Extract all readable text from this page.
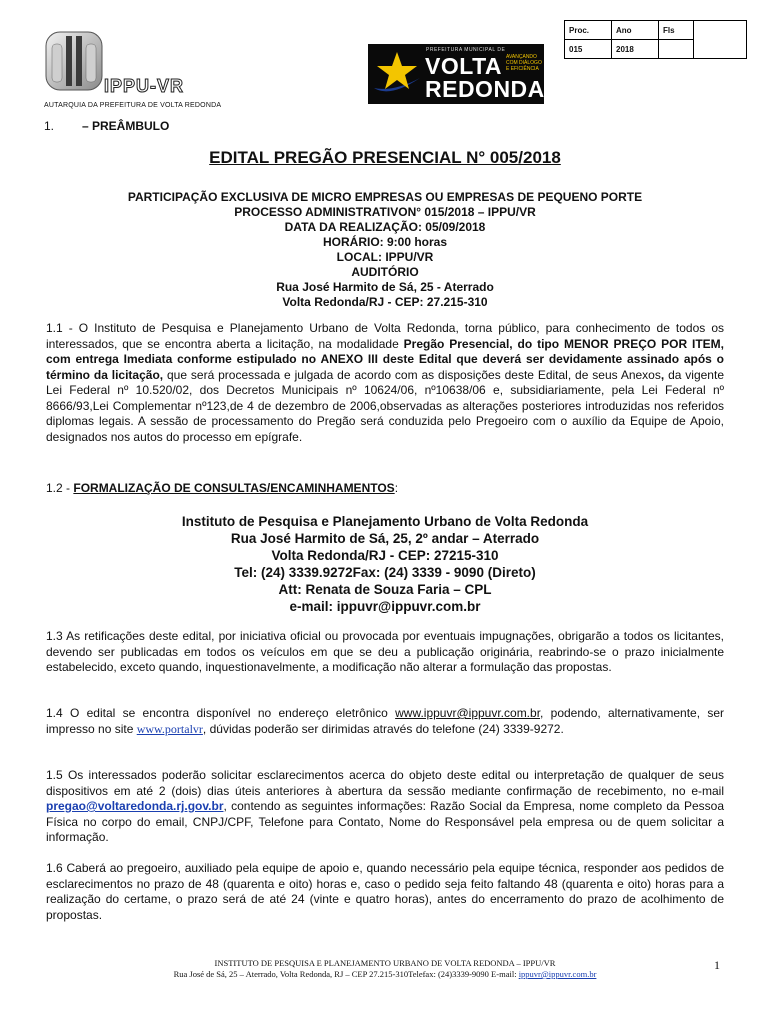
Proc.	Ano	Fls	
015	2018		
IPPU-VR
AUTARQUIA DA PREFEITURA DE VOLTA REDONDA
PREFEITURA MUNICIPAL DE
VOLTA
REDONDA
AVANÇANDO COM DIÁLOGO E EFICIÊNCIA
1. – PREÂMBULO
EDITAL PREGÃO PRESENCIAL N° 005/2018
PARTICIPAÇÃO EXCLUSIVA DE MICRO EMPRESAS OU EMPRESAS DE PEQUENO PORTE
PROCESSO ADMINISTRATIVON° 015/2018 – IPPU/VR
DATA DA REALIZAÇÃO: 05/09/2018
HORÁRIO: 9:00 horas
LOCAL: IPPU/VR
AUDITÓRIO
Rua José Harmito de Sá, 25 - Aterrado
Volta Redonda/RJ - CEP: 27.215-310
1.1 - O Instituto de Pesquisa e Planejamento Urbano de Volta Redonda, torna público, para conhecimento de todos os interessados, que se encontra aberta a licitação, na modalidade Pregão Presencial, do tipo MENOR PREÇO POR ITEM, com entrega Imediata conforme estipulado no ANEXO III deste Edital que deverá ser devidamente assinado após o término da licitação, que será processada e julgada de acordo com as disposições deste Edital, de seus Anexos, da vigente Lei Federal nº 10.520/02, dos Decretos Municipais nº 10624/06, nº10638/06 e, subsidiariamente, pela Lei Federal nº 8666/93,Lei Complementar nº123,de 4 de dezembro de 2006,observadas as alterações posteriores introduzidas nos referidos diplomas legais. A sessão de processamento do Pregão será conduzida pelo Pregoeiro com o auxílio da Equipe de Apoio, designados nos autos do processo em epígrafe.
1.2 - FORMALIZAÇÃO DE CONSULTAS/ENCAMINHAMENTOS:
Instituto de Pesquisa e Planejamento Urbano de Volta Redonda
Rua José Harmito de Sá, 25, 2º andar – Aterrado
Volta Redonda/RJ - CEP: 27215-310
Tel: (24) 3339.9272Fax: (24) 3339 - 9090 (Direto)
Att: Renata de Souza Faria – CPL
e-mail: ippuvr@ippuvr.com.br
1.3 As retificações deste edital, por iniciativa oficial ou provocada por eventuais impugnações, obrigarão a todos os licitantes, devendo ser publicadas em todos os veículos em que se deu a publicação originária, reabrindo-se o prazo inicialmente estabelecido, exceto quando, inquestionavelmente, a modificação não alterar a formulação das propostas.
1.4 O edital se encontra disponível no endereço eletrônico www.ippuvr@ippuvr.com.br, podendo, alternativamente, ser impresso no site www.portalvr, dúvidas poderão ser dirimidas através do telefone (24) 3339-9272.
1.5 Os interessados poderão solicitar esclarecimentos acerca do objeto deste edital ou interpretação de qualquer de seus dispositivos em até 2 (dois) dias úteis anteriores à abertura da sessão mediante confirmação de recebimento, no e-mail pregao@voltaredonda.rj.gov.br, contendo as seguintes informações: Razão Social da Empresa, nome completo da Pessoa Física no corpo do email, CNPJ/CPF, Telefone para Contato, Nome do Responsável pela empresa ou de quem solicitar a informação.
1.6 Caberá ao pregoeiro, auxiliado pela equipe de apoio e, quando necessário pela equipe técnica, responder aos pedidos de esclarecimentos no prazo de 48 (quarenta e oito) horas e, caso o pedido seja feito faltando 48 (quarenta e oito) horas para a realização do certame, o prazo será de até 24 (vinte e quatro horas), antes do encerramento do prazo de acolhimento de propostas.
INSTITUTO DE PESQUISA E PLANEJAMENTO URBANO DE VOLTA REDONDA – IPPU/VR
Rua José de Sá, 25 – Aterrado, Volta Redonda, RJ – CEP 27.215-310Telefax: (24)3339-9090 E-mail: ippuvr@ippuvr.com.br
1
